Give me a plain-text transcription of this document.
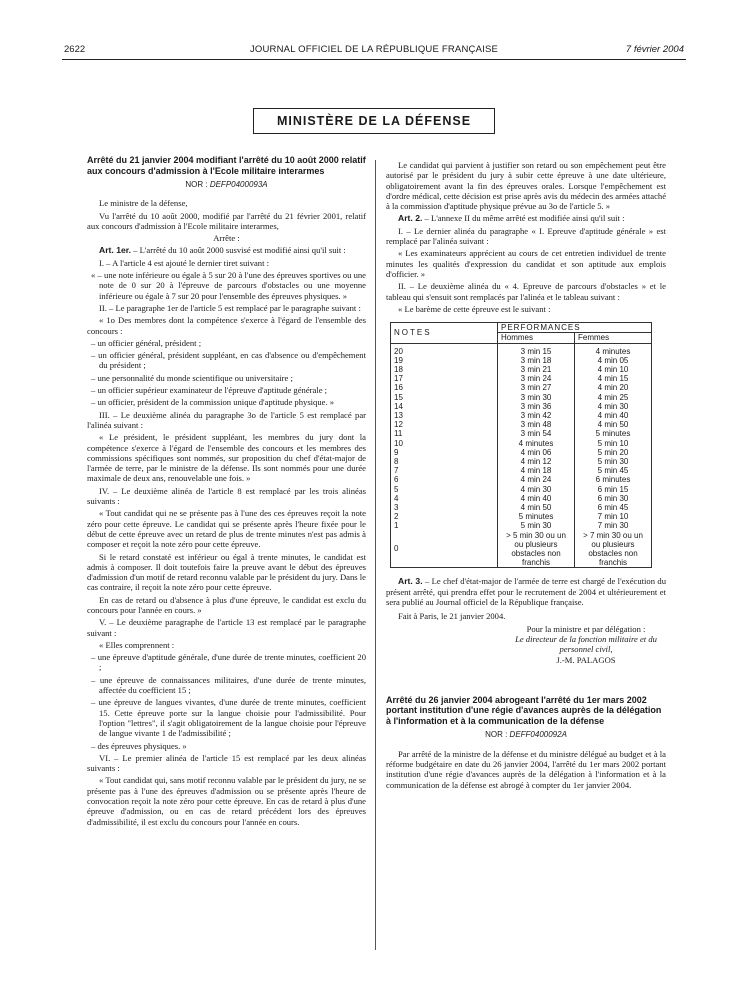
2622	JOURNAL OFFICIEL DE LA RÉPUBLIQUE FRANÇAISE	7 février 2004
MINISTÈRE DE LA DÉFENSE
Arrêté du 21 janvier 2004 modifiant l'arrêté du 10 août 2000 relatif aux concours d'admission à l'Ecole militaire interarmes
NOR : DEFP0400093A

Le ministre de la défense,

Vu l'arrêté du 10 août 2000, modifié par l'arrêté du 21 février 2001, relatif aux concours d'admission à l'Ecole militaire interarmes,

Arrête :

Art. 1er. – L'arrêté du 10 août 2000 susvisé est modifié ainsi qu'il suit :

I. – A l'article 4 est ajouté le dernier tiret suivant :

« – une note inférieure ou égale à 5 sur 20 à l'une des épreuves sportives ou une note de 0 sur 20 à l'épreuve de parcours d'obstacles ou une moyenne inférieure ou égale à 7 sur 20 pour l'ensemble des épreuves physiques. »

II. – Le paragraphe 1er de l'article 5 est remplacé par le paragraphe suivant :

« 1o Des membres dont la compétence s'exerce à l'égard de l'ensemble des concours :

– un officier général, président ;

– un officier général, président suppléant, en cas d'absence ou d'empêchement du président ;

– une personnalité du monde scientifique ou universitaire ;

– un officier supérieur examinateur de l'épreuve d'aptitude générale ;

– un officier, président de la commission unique d'aptitude physique. »

III. – Le deuxième alinéa du paragraphe 3o de l'article 5 est remplacé par l'alinéa suivant :

« Le président, le président suppléant, les membres du jury dont la compétence s'exerce à l'égard de l'ensemble des concours et les membres des commissions spécifiques sont nommés, sur proposition du chef d'état-major de l'armée de terre, par le ministre de la défense. Ils sont nommés pour une durée maximale de deux ans, renouvelable une fois. »

IV. – Le deuxième alinéa de l'article 8 est remplacé par les trois alinéas suivants :

« Tout candidat qui ne se présente pas à l'une des ces épreuves reçoit la note zéro pour cette épreuve. Le candidat qui se présente après l'heure fixée pour le début de cette épreuve avec un retard de plus de trente minutes n'est pas admis à composer et reçoit la note zéro pour cette épreuve.

Si le retard constaté est inférieur ou égal à trente minutes, le candidat est admis à composer. Il doit toutefois faire la preuve avant le début des épreuves d'admission d'un motif de retard reconnu valable par le président du jury. Dans le cas contraire, il reçoit la note zéro pour cette épreuve.

En cas de retard ou d'absence à plus d'une épreuve, le candidat est exclu du concours pour l'année en cours. »

V. – Le deuxième paragraphe de l'article 13 est remplacé par le paragraphe suivant :

« Elles comprennent :

– une épreuve d'aptitude générale, d'une durée de trente minutes, coefficient 20 ;

– une épreuve de connaissances militaires, d'une durée de trente minutes, affectée du coefficient 15 ;

– une épreuve de langues vivantes, d'une durée de trente minutes, coefficient 15. Cette épreuve porte sur la langue choisie pour l'admissibilité. Pour l'option "lettres", il s'agit obligatoirement de la langue choisie pour l'épreuve de langue vivante 1 de l'admissibilité ;

– des épreuves physiques. »

VI. – Le premier alinéa de l'article 15 est remplacé par les deux alinéas suivants :

« Tout candidat qui, sans motif reconnu valable par le président du jury, ne se présente pas à l'une des épreuves d'admission ou se présente après l'heure de convocation reçoit la note zéro pour cette épreuve. En cas de retard à plus d'une épreuve d'admission, ou en cas de retard précédent lors des épreuves d'admissibilité, il est exclu du concours pour l'année en cours.

Le candidat qui parvient à justifier son retard ou son empêchement peut être autorisé par le président du jury à subir cette épreuve à une date ultérieure, obligatoirement avant la fin des épreuves orales. Lorsque l'empêchement est d'ordre médical, cette décision est prise après avis du médecin des armées attaché à la commission d'aptitude physique prévue au 3o de l'article 5. »

Art. 2. – L'annexe II du même arrêté est modifiée ainsi qu'il suit :

I. – Le dernier alinéa du paragraphe « I. Epreuve d'aptitude générale » est remplacé par l'alinéa suivant :

« Les examinateurs apprécient au cours de cet entretien individuel de trente minutes les qualités d'expression du candidat et son aptitude aux emplois d'officier. »

II. – Le deuxième alinéa du « 4. Epreuve de parcours d'obstacles » et le tableau qui s'ensuit sont remplacés par l'alinéa et le tableau suivant :

« Le barème de cette épreuve est le suivant :

NOTES	PERFORMANCES	
	Hommes	Femmes
20	3 min 15	4 minutes
19	3 min 18	4 min 05
18	3 min 21	4 min 10
17	3 min 24	4 min 15
16	3 min 27	4 min 20
15	3 min 30	4 min 25
14	3 min 36	4 min 30
13	3 min 42	4 min 40
12	3 min 48	4 min 50
11	3 min 54	5 minutes
10	4 minutes	5 min 10
9	4 min 06	5 min 20
8	4 min 12	5 min 30
7	4 min 18	5 min 45
6	4 min 24	6 minutes
5	4 min 30	6 min 15
4	4 min 40	6 min 30
3	4 min 50	6 min 45
2	5 minutes	7 min 10
1	5 min 30	7 min 30
0	> 5 min 30 ou un ou plusieurs obstacles non franchis	> 7 min 30 ou un ou plusieurs obstacles non franchis

Art. 3. – Le chef d'état-major de l'armée de terre est chargé de l'exécution du présent arrêté, qui prendra effet pour le recrutement de 2004 et ultérieurement et sera publié au Journal officiel de la République française.

Fait à Paris, le 21 janvier 2004.

Pour la ministre et par délégation :
Le directeur de la fonction militaire et du personnel civil,
J.-M. PALAGOS
Arrêté du 26 janvier 2004 abrogeant l'arrêté du 1er mars 2002 portant institution d'une régie d'avances auprès de la délégation à l'information et à la communication de la défense
NOR : DEFF0400092A

Par arrêté de la ministre de la défense et du ministre délégué au budget et à la réforme budgétaire en date du 26 janvier 2004, l'arrêté du 1er mars 2002 portant institution d'une régie d'avances auprès de la délégation à l'information et à la communication de la défense est abrogé à compter du 1er janvier 2004.
